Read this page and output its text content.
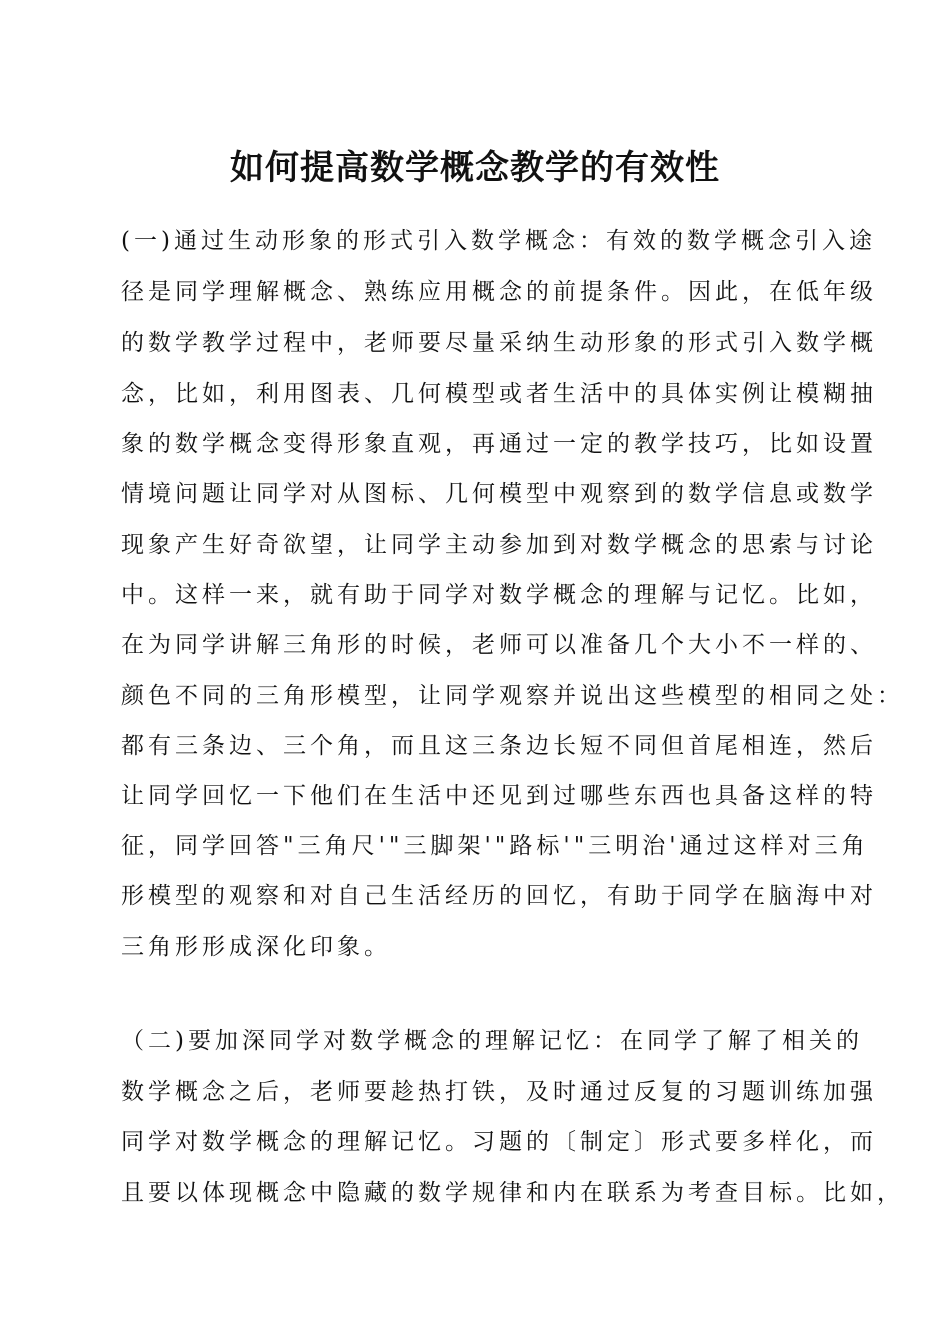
如何提高数学概念教学的有效性

(一)通过生动形象的形式引入数学概念：有效的数学概念引入途

径是同学理解概念、熟练应用概念的前提条件。因此，在低年级

的数学教学过程中，老师要尽量采纳生动形象的形式引入数学概

念，比如，利用图表、几何模型或者生活中的具体实例让模糊抽

象的数学概念变得形象直观，再通过一定的教学技巧，比如设置

情境问题让同学对从图标、几何模型中观察到的数学信息或数学

现象产生好奇欲望，让同学主动参加到对数学概念的思索与讨论

中。这样一来，就有助于同学对数学概念的理解与记忆。比如，

在为同学讲解三角形的时候，老师可以准备几个大小不一样的、

颜色不同的三角形模型，让同学观察并说出这些模型的相同之处：

都有三条边、三个角，而且这三条边长短不同但首尾相连，然后

让同学回忆一下他们在生活中还见到过哪些东西也具备这样的特

征，同学回答"三角尺'"三脚架'"路标'"三明治'通过这样对三角

形模型的观察和对自己生活经历的回忆，有助于同学在脑海中对

三角形形成深化印象。

（二)要加深同学对数学概念的理解记忆：在同学了解了相关的

数学概念之后，老师要趁热打铁，及时通过反复的习题训练加强

同学对数学概念的理解记忆。习题的〔制定〕形式要多样化，而

且要以体现概念中隐藏的数学规律和内在联系为考查目标。比如，
